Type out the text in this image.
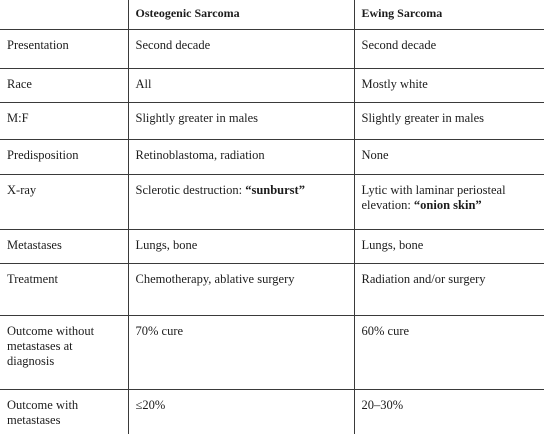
	Osteogenic Sarcoma	Ewing Sarcoma
Presentation	Second decade	Second decade
Race	All	Mostly white
M:F	Slightly greater in males	Slightly greater in males
Predisposition	Retinoblastoma, radiation	None
X-ray	Sclerotic destruction: “sunburst”	Lytic with laminar periosteal elevation: “onion skin”
Metastases	Lungs, bone	Lungs, bone
Treatment	Chemotherapy, ablative surgery	Radiation and/or surgery
Outcome without metastases at diagnosis	70% cure	60% cure
Outcome with metastases	≤20%	20–30%
